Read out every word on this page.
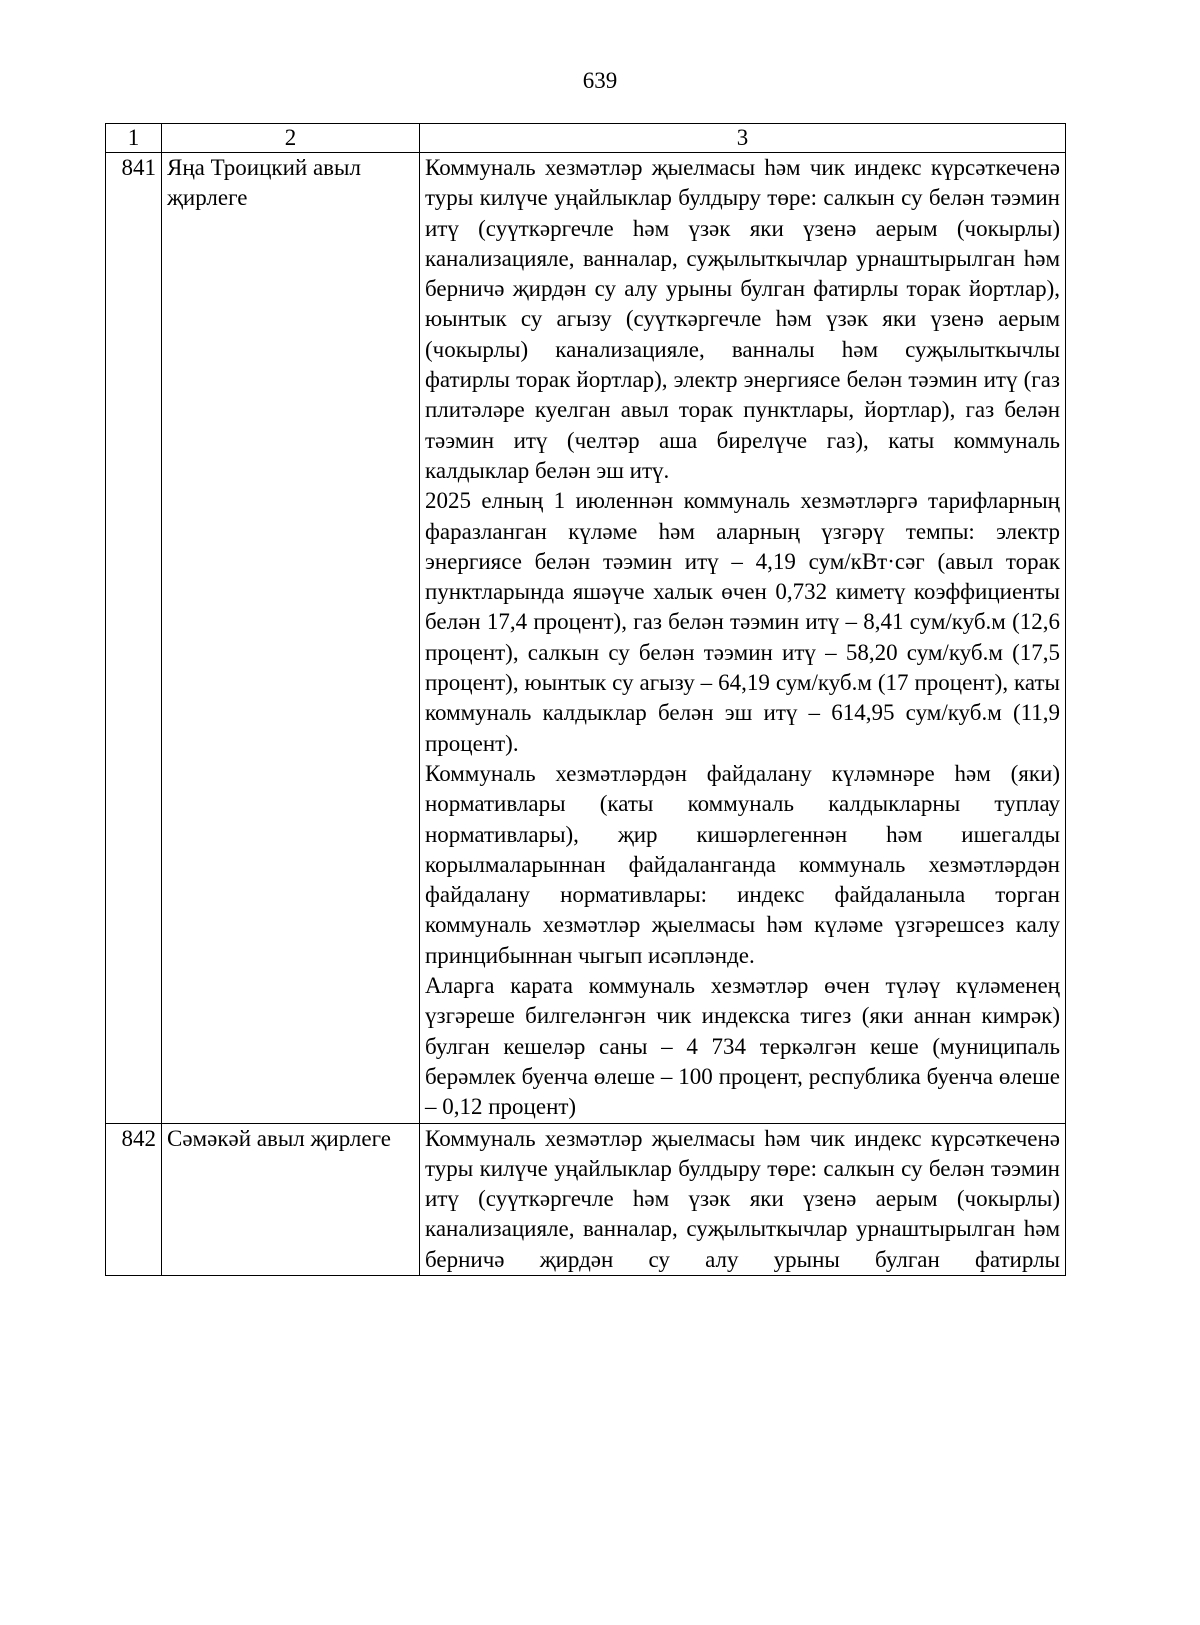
639
1	2	3
841	Яңа Троицкий авыл җирлеге	Коммуналь хезмәтләр җыелмасы һәм чик индекс күрсәткеченә туры килүче уңайлыклар булдыру төре: салкын су белән тәэмин итү (суүткәргечле һәм үзәк яки үзенә аерым (чокырлы) канализацияле, ванналар, суҗылыткычлар урнаштырылган һәм берничә җирдән су алу урыны булган фатирлы торак йортлар), юынтык су агызу (суүткәргечле һәм үзәк яки үзенә аерым (чокырлы) канализацияле, ванналы һәм суҗылыткычлы фатирлы торак йортлар), электр энергиясе белән тәэмин итү (газ плитәләре куелган авыл торак пунктлары, йортлар), газ белән тәэмин итү (челтәр аша бирелүче газ), каты коммуналь калдыклар белән эш итү.
2025 елның 1 июленнән коммуналь хезмәтләргә тарифларның фаразланган күләме һәм аларның үзгәрү темпы: электр энергиясе белән тәэмин итү – 4,19 сум/кВт·сәг (авыл торак пунктларында яшәүче халык өчен 0,732 киметү коэффициенты белән 17,4 процент), газ белән тәэмин итү – 8,41 сум/куб.м (12,6 процент), салкын су белән тәэмин итү – 58,20 сум/куб.м (17,5 процент), юынтык су агызу – 64,19 сум/куб.м (17 процент), каты коммуналь калдыклар белән эш итү – 614,95 сум/куб.м (11,9 процент).
Коммуналь хезмәтләрдән файдалану күләмнәре һәм (яки) нормативлары (каты коммуналь калдыкларны туплау нормативлары), җир кишәрлегеннән һәм ишегалды корылмаларыннан файдаланганда коммуналь хезмәтләрдән файдалану нормативлары: индекс файдаланыла торган коммуналь хезмәтләр җыелмасы һәм күләме үзгәрешсез калу принцибыннан чыгып исәпләнде.
Аларга карата коммуналь хезмәтләр өчен түләү күләменең үзгәреше билгеләнгән чик индекска тигез (яки аннан кимрәк) булган кешеләр саны – 4 734 теркәлгән кеше (муниципаль берәмлек буенча өлеше – 100 процент, республика буенча өлеше – 0,12 процент)

842	Сәмәкәй авыл җирлеге	Коммуналь хезмәтләр җыелмасы һәм чик индекс күрсәткеченә туры килүче уңайлыклар булдыру төре: салкын су белән тәэмин итү (суүткәргечле һәм үзәк яки үзенә аерым (чокырлы) канализацияле, ванналар, суҗылыткычлар урнаштырылган һәм берничә җирдән су алу урыны булган фатирлы
